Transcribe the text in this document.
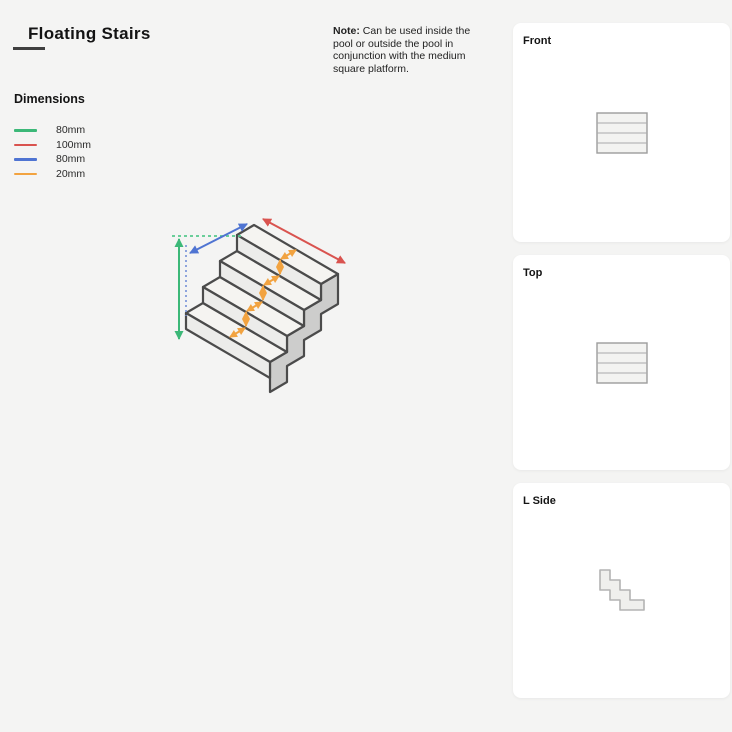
Floating Stairs	Note: Can be used inside the pool or outside the pool in conjunction with the medium square platform.
Dimensions
80mm
100mm
80mm
20mm
Front
Top
L Side
